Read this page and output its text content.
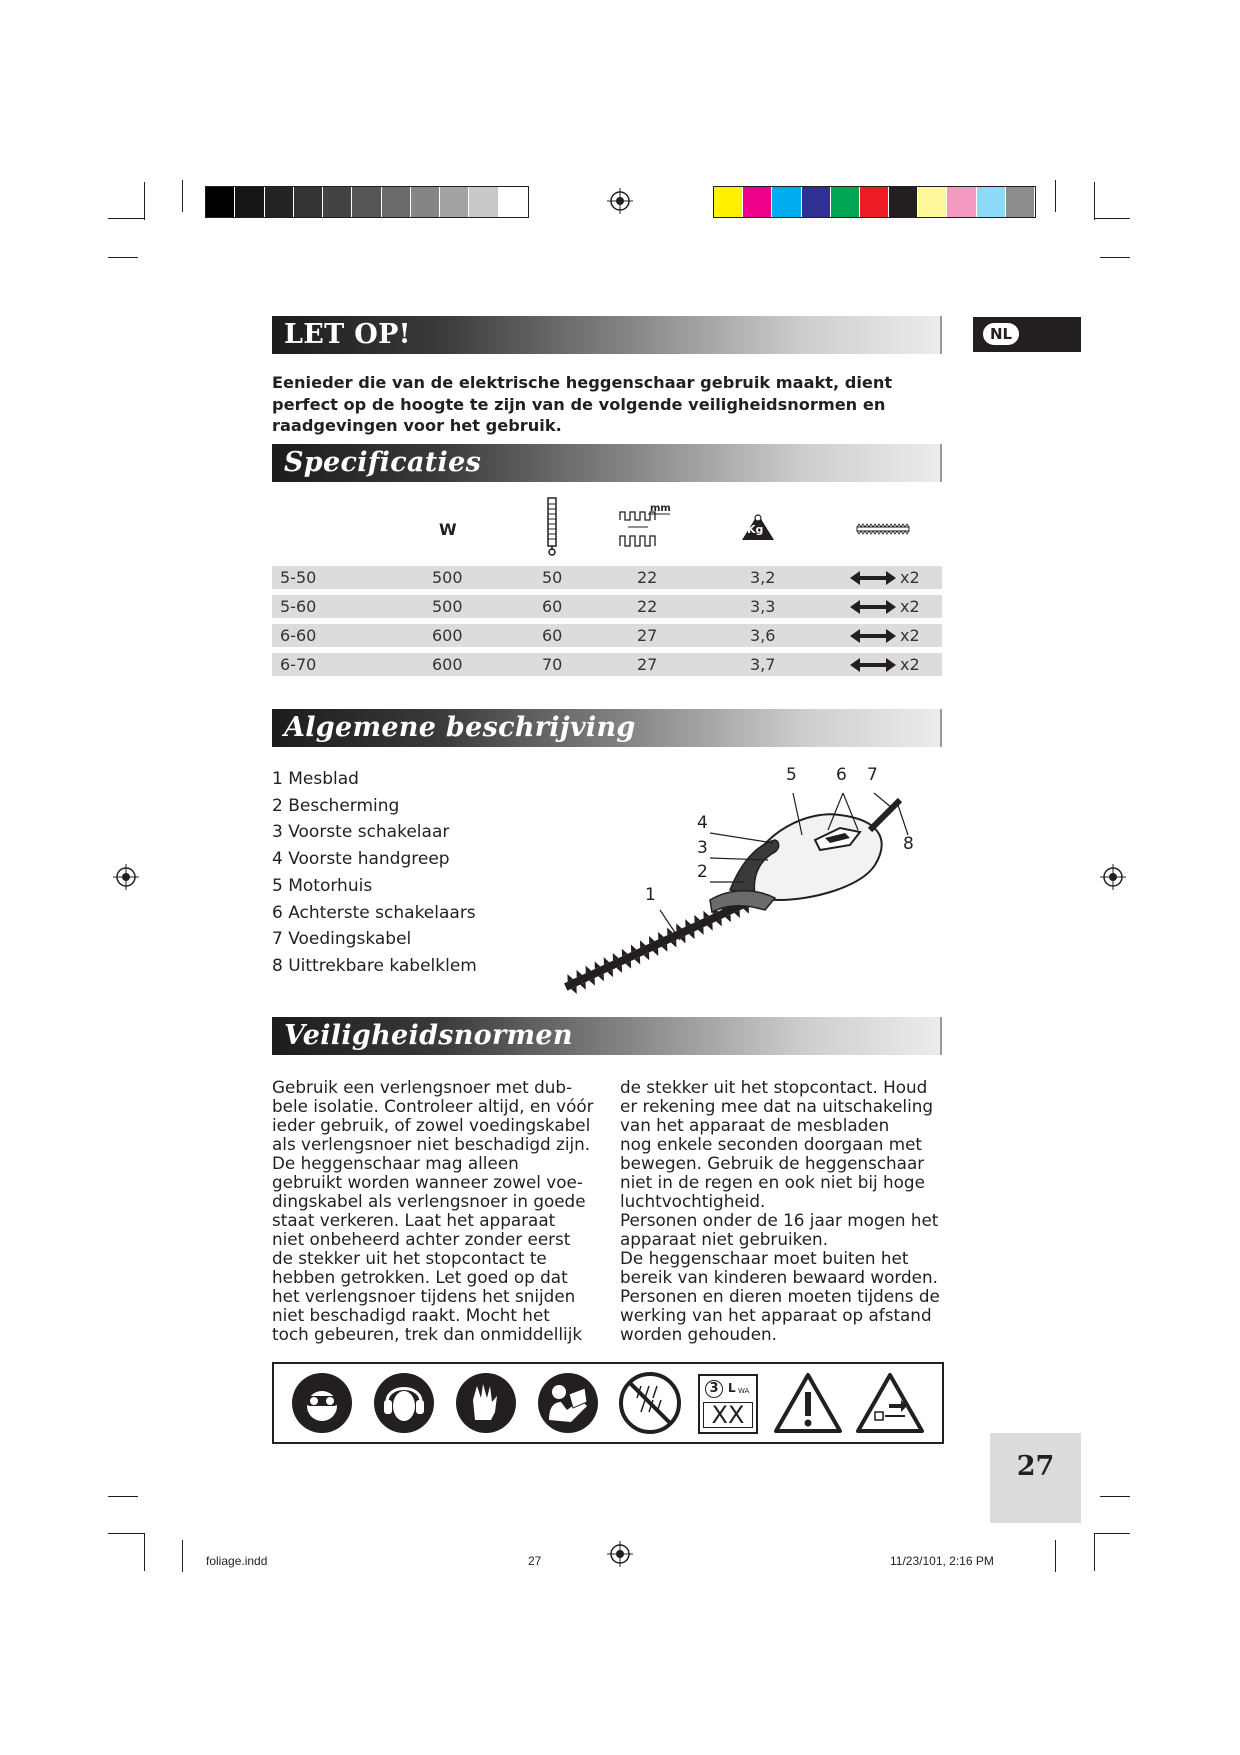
NL
LET OP!
Eenieder die van de elektrische heggenschaar gebruik maakt, dient perfect op de hoogte te zijn van de volgende veiligheidsnormen en raadgevingen voor het gebruik.
Specificaties
W
mm
Kg
5-50	500	50	22	3,2	x2
5-60	500	60	22	3,3	x2
6-60	600	60	27	3,6	x2
6-70	600	70	27	3,7	x2
Algemene beschrijving
1 Mesblad
2 Bescherming
3 Voorste schakelaar
4 Voorste handgreep
5 Motorhuis
6 Achterste schakelaars
7 Voedingskabel
8 Uittrekbare kabelklem
1
2
3
4
5 6 7
8
Veiligheidsnormen

Gebruik een verlengsnoer met dub-
bele isolatie. Controleer altijd, en vóór
ieder gebruik, of zowel voedingskabel
als verlengsnoer niet beschadigd zijn.
De heggenschaar mag alleen
gebruikt worden wanneer zowel voe-
dingskabel als verlengsnoer in goede
staat verkeren. Laat het apparaat
niet onbeheerd achter zonder eerst
de stekker uit het stopcontact te
hebben getrokken. Let goed op dat
het verlengsnoer tijdens het snijden
niet beschadigd raakt. Mocht het
toch gebeuren, trek dan onmiddellijk

de stekker uit het stopcontact. Houd
er rekening mee dat na uitschakeling
van het apparaat de mesbladen
nog enkele seconden doorgaan met
bewegen. Gebruik de heggenschaar
niet in de regen en ook niet bij hoge
luchtvochtigheid.
Personen onder de 16 jaar mogen het
apparaat niet gebruiken.
De heggenschaar moet buiten het
bereik van kinderen bewaard worden.
Personen en dieren moeten tijdens de
werking van het apparaat op afstand
worden gehouden.

3 L WA
XX
27
foliage.indd	27	11/23/101, 2:16 PM
